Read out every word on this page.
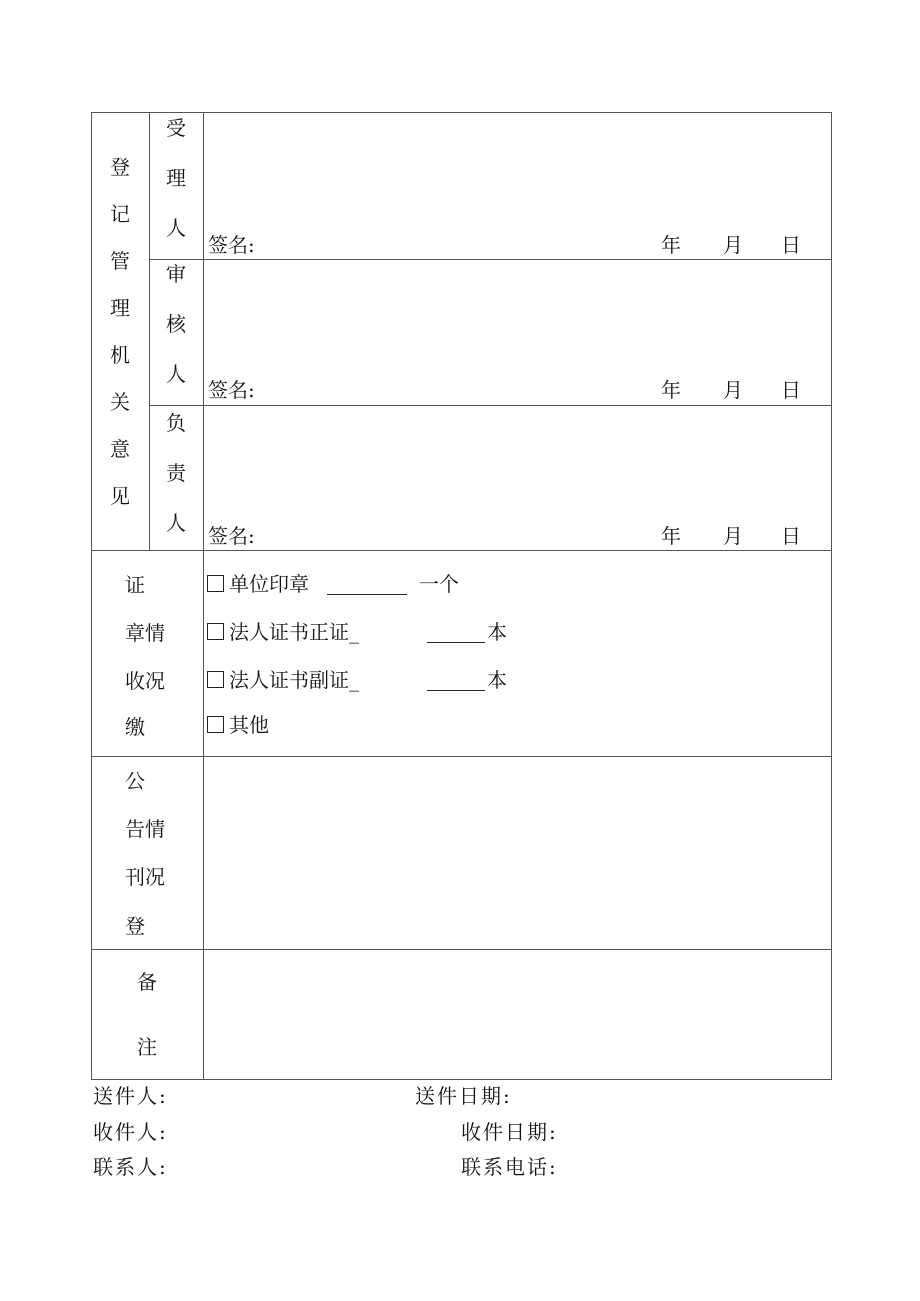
登
记
管
理
机
关
意
见
受
理
人
签名:	年 月 日
审
核
人
签名:	年 月 日
负
责
人
签名:	年 月 日
证
章情
收况
缴
单位印章	一个
法人证书正证_	本
法人证书副证_	本
其他
公
告情
刊况
登
备
注
送件人:	送件日期:
收件人:	收件日期:
联系人:	联系电话:
